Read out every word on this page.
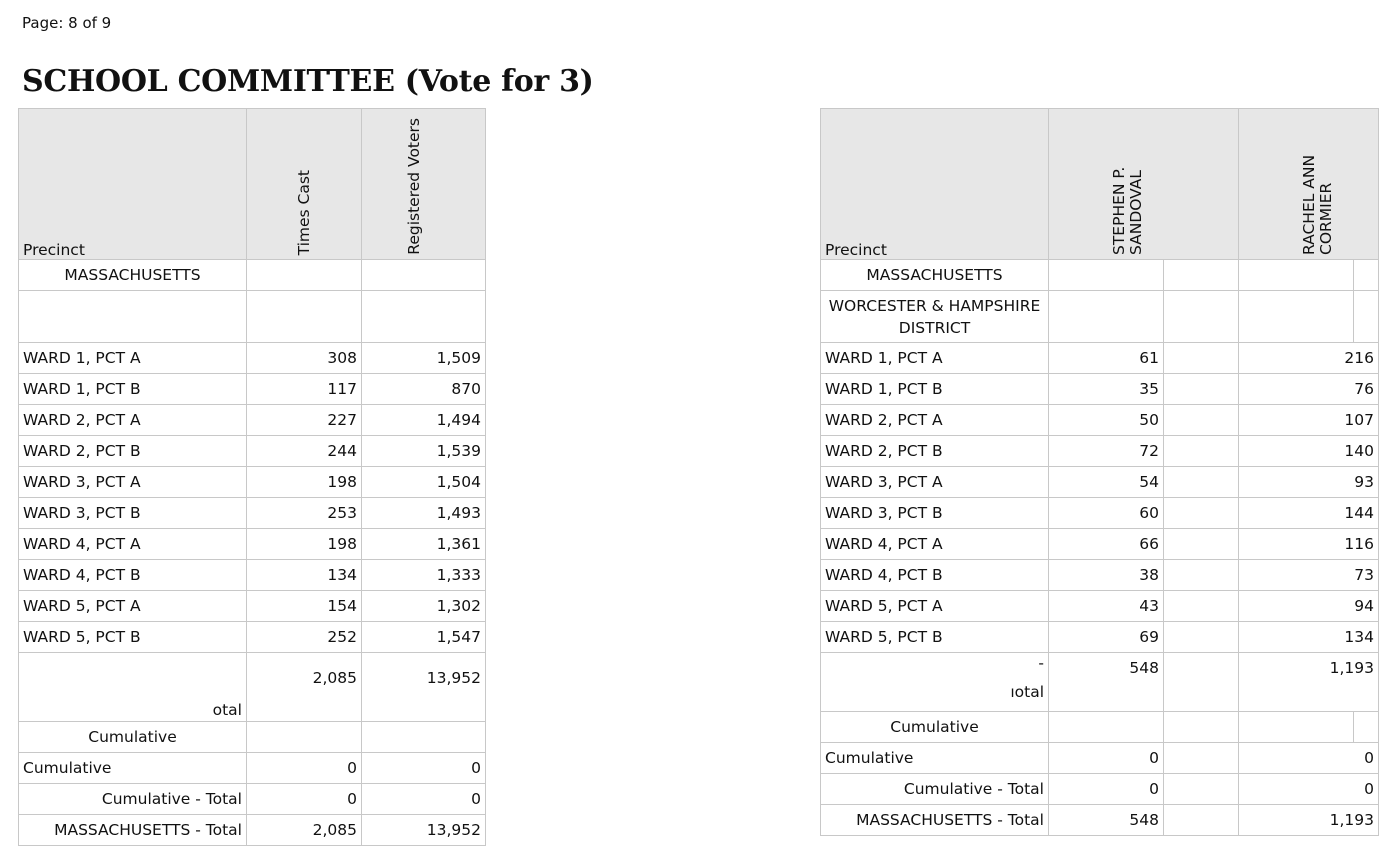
Page: 8 of 9
SCHOOL COMMITTEE (Vote for 3)
Precinct	Times Cast	Registered Voters
MASSACHUSETTS		

WARD 1, PCT A	308	1,509
WARD 1, PCT B	117	870
WARD 2, PCT A	227	1,494
WARD 2, PCT B	244	1,539
WARD 3, PCT A	198	1,504
WARD 3, PCT B	253	1,493
WARD 4, PCT A	198	1,361
WARD 4, PCT B	134	1,333
WARD 5, PCT A	154	1,302
WARD 5, PCT B	252	1,547
otal	2,085	13,952
Cumulative		
Cumulative	0	0
Cumulative - Total	0	0
MASSACHUSETTS - Total	2,085	13,952
Precinct	STEPHEN P. SANDOVAL		RACHEL ANN CORMIER	
MASSACHUSETTS				
WORCESTER & HAMPSHIRE DISTRICT				
WARD 1, PCT A	61		216	
WARD 1, PCT B	35		76	
WARD 2, PCT A	50		107	
WARD 2, PCT B	72		140	
WARD 3, PCT A	54		93	
WARD 3, PCT B	60		144	
WARD 4, PCT A	66		116	
WARD 4, PCT B	38		73	
WARD 5, PCT A	43		94	
WARD 5, PCT B	69		134	

-
ıotal	548		1,193	
Cumulative				
Cumulative	0		0	
Cumulative - Total	0		0	
MASSACHUSETTS - Total	548		1,193	
